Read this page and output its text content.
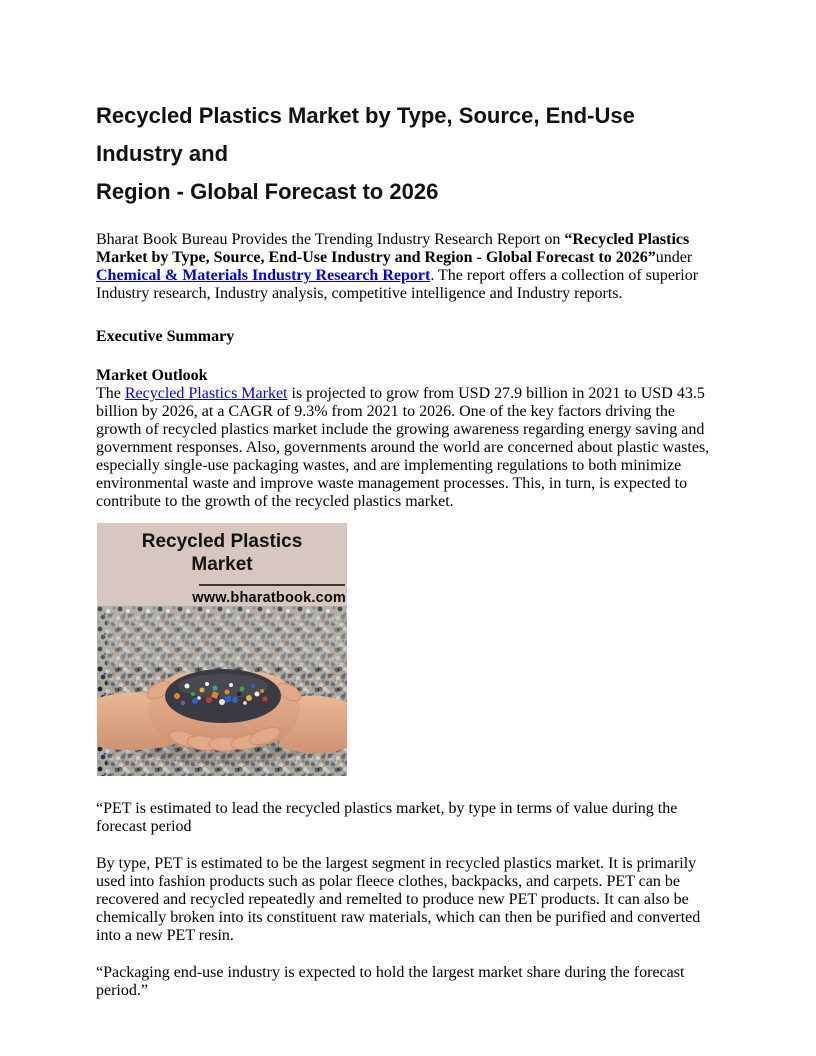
Recycled Plastics Market by Type, Source, End-Use Industry and
Region - Global Forecast to 2026

Bharat Book Bureau Provides the Trending Industry Research Report on “Recycled Plastics Market by Type, Source, End-Use Industry and Region - Global Forecast to 2026”under Chemical & Materials Industry Research Report. The report offers a collection of superior Industry research, Industry analysis, competitive intelligence and Industry reports.

Executive Summary
Market Outlook

The Recycled Plastics Market is projected to grow from USD 27.9 billion in 2021 to USD 43.5 billion by 2026, at a CAGR of 9.3% from 2021 to 2026. One of the key factors driving the growth of recycled plastics market include the growing awareness regarding energy saving and government responses. Also, governments around the world are concerned about plastic wastes, especially single-use packaging wastes, and are implementing regulations to both minimize environmental waste and improve waste management processes. This, in turn, is expected to contribute to the growth of the recycled plastics market.

Recycled Plastics Market
www.bharatbook.com

“PET is estimated to lead the recycled plastics market, by type in terms of value during the forecast period

By type, PET is estimated to be the largest segment in recycled plastics market. It is primarily used into fashion products such as polar fleece clothes, backpacks, and carpets. PET can be recovered and recycled repeatedly and remelted to produce new PET products. It can also be chemically broken into its constituent raw materials, which can then be purified and converted into a new PET resin.

“Packaging end-use industry is expected to hold the largest market share during the forecast period.”
